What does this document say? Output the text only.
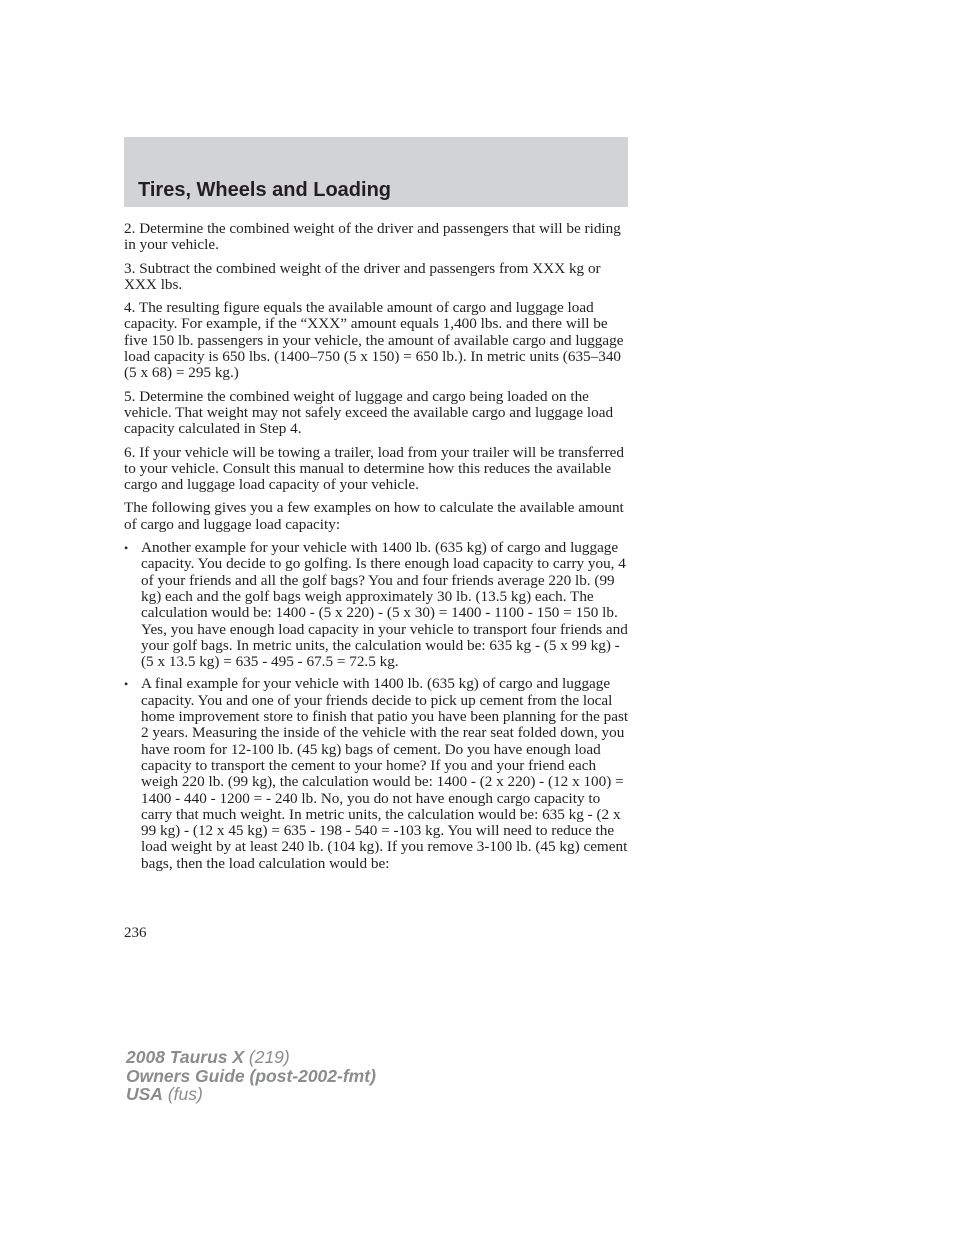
Tires, Wheels and Loading

2. Determine the combined weight of the driver and passengers that will be riding in your vehicle.

3. Subtract the combined weight of the driver and passengers from XXX kg or XXX lbs.

4. The resulting figure equals the available amount of cargo and luggage load capacity. For example, if the “XXX” amount equals 1,400 lbs. and there will be five 150 lb. passengers in your vehicle, the amount of available cargo and luggage load capacity is 650 lbs. (1400–750 (5 x 150) = 650 lb.). In metric units (635–340 (5 x 68) = 295 kg.)

5. Determine the combined weight of luggage and cargo being loaded on the vehicle. That weight may not safely exceed the available cargo and luggage load capacity calculated in Step 4.

6. If your vehicle will be towing a trailer, load from your trailer will be transferred to your vehicle. Consult this manual to determine how this reduces the available cargo and luggage load capacity of your vehicle.

The following gives you a few examples on how to calculate the available amount of cargo and luggage load capacity:

• Another example for your vehicle with 1400 lb. (635 kg) of cargo and luggage capacity. You decide to go golfing. Is there enough load capacity to carry you, 4 of your friends and all the golf bags? You and four friends average 220 lb. (99 kg) each and the golf bags weigh approximately 30 lb. (13.5 kg) each. The calculation would be: 1400 - (5 x 220) - (5 x 30) = 1400 - 1100 - 150 = 150 lb. Yes, you have enough load capacity in your vehicle to transport four friends and your golf bags. In metric units, the calculation would be: 635 kg - (5 x 99 kg) - (5 x 13.5 kg) = 635 - 495 - 67.5 = 72.5 kg.
• A final example for your vehicle with 1400 lb. (635 kg) of cargo and luggage capacity. You and one of your friends decide to pick up cement from the local home improvement store to finish that patio you have been planning for the past 2 years. Measuring the inside of the vehicle with the rear seat folded down, you have room for 12-100 lb. (45 kg) bags of cement. Do you have enough load capacity to transport the cement to your home? If you and your friend each weigh 220 lb. (99 kg), the calculation would be: 1400 - (2 x 220) - (12 x 100) = 1400 - 440 - 1200 = - 240 lb. No, you do not have enough cargo capacity to carry that much weight. In metric units, the calculation would be: 635 kg - (2 x 99 kg) - (12 x 45 kg) = 635 - 198 - 540 = -103 kg. You will need to reduce the load weight by at least 240 lb. (104 kg). If you remove 3-100 lb. (45 kg) cement bags, then the load calculation would be:
236
2008 Taurus X (219)
Owners Guide (post-2002-fmt)
USA (fus)
